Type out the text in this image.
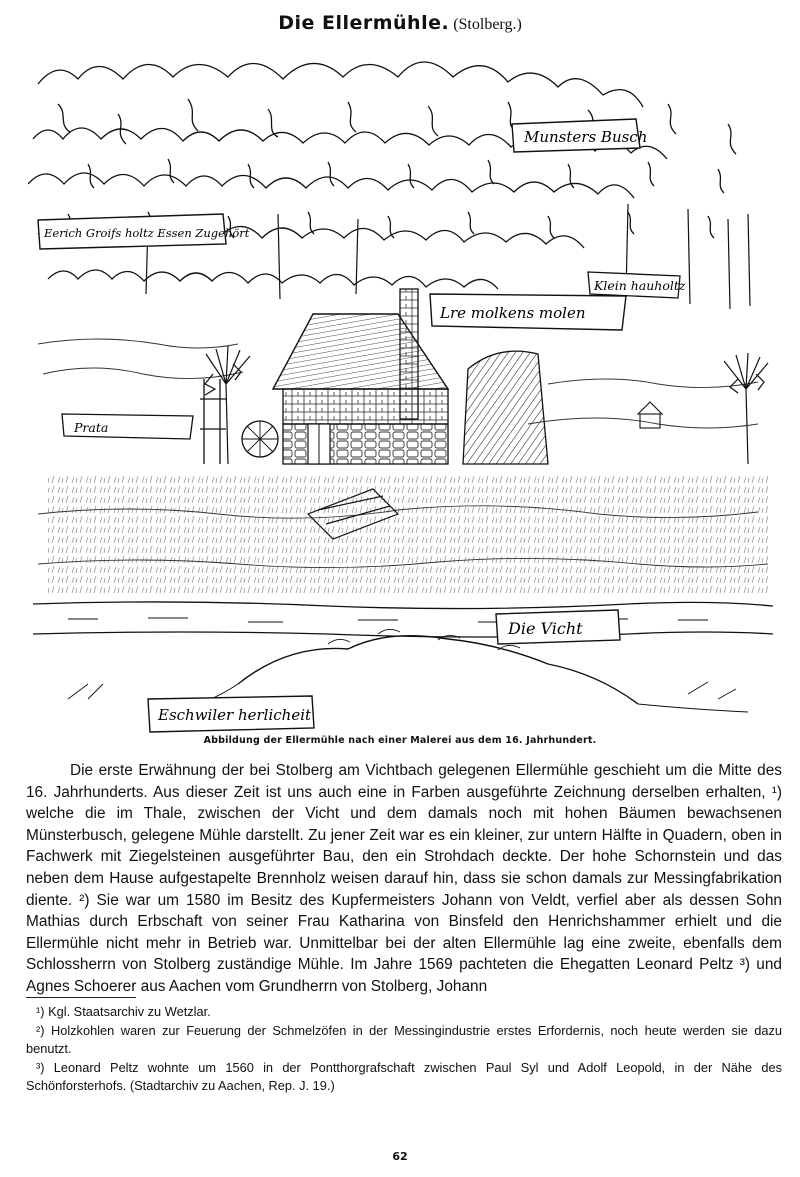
Die Ellermühle. (Stolberg.)
Munsters Busch
Eerich Groifs holtz Essen Zugehört
Klein hauholtz
Lre molkens molen
Prata
Die Vicht
Eschwiler herlicheit
Abbildung der Ellermühle nach einer Malerei aus dem 16. Jahrhundert.
Die erste Erwähnung der bei Stolberg am Vichtbach gelegenen Ellermühle geschieht um die Mitte des 16. Jahrhunderts. Aus dieser Zeit ist uns auch eine in Farben ausgeführte Zeichnung derselben erhalten, ¹) welche die im Thale, zwischen der Vicht und dem damals noch mit hohen Bäumen bewachsenen Münsterbusch, gelegene Mühle darstellt. Zu jener Zeit war es ein kleiner, zur untern Hälfte in Quadern, oben in Fachwerk mit Ziegelsteinen ausgeführter Bau, den ein Strohdach deckte. Der hohe Schornstein und das neben dem Hause aufgestapelte Brennholz weisen darauf hin, dass sie schon damals zur Messingfabrikation diente. ²) Sie war um 1580 im Besitz des Kupfermeisters Johann von Veldt, verfiel aber als dessen Sohn Mathias durch Erbschaft von seiner Frau Katharina von Binsfeld den Henrichshammer erhielt und die Ellermühle nicht mehr in Betrieb war. Unmittelbar bei der alten Ellermühle lag eine zweite, ebenfalls dem Schlossherrn von Stolberg zuständige Mühle. Im Jahre 1569 pachteten die Ehegatten Leonard Peltz ³) und Agnes Schoerer aus Aachen vom Grundherrn von Stolberg, Johann

¹) Kgl. Staatsarchiv zu Wetzlar.

²) Holzkohlen waren zur Feuerung der Schmelzöfen in der Messingindustrie erstes Erfordernis, noch heute werden sie dazu benutzt.

³) Leonard Peltz wohnte um 1560 in der Pontthorgrafschaft zwischen Paul Syl und Adolf Leopold, in der Nähe des Schönforsterhofs. (Stadtarchiv zu Aachen, Rep. J. 19.)

62
